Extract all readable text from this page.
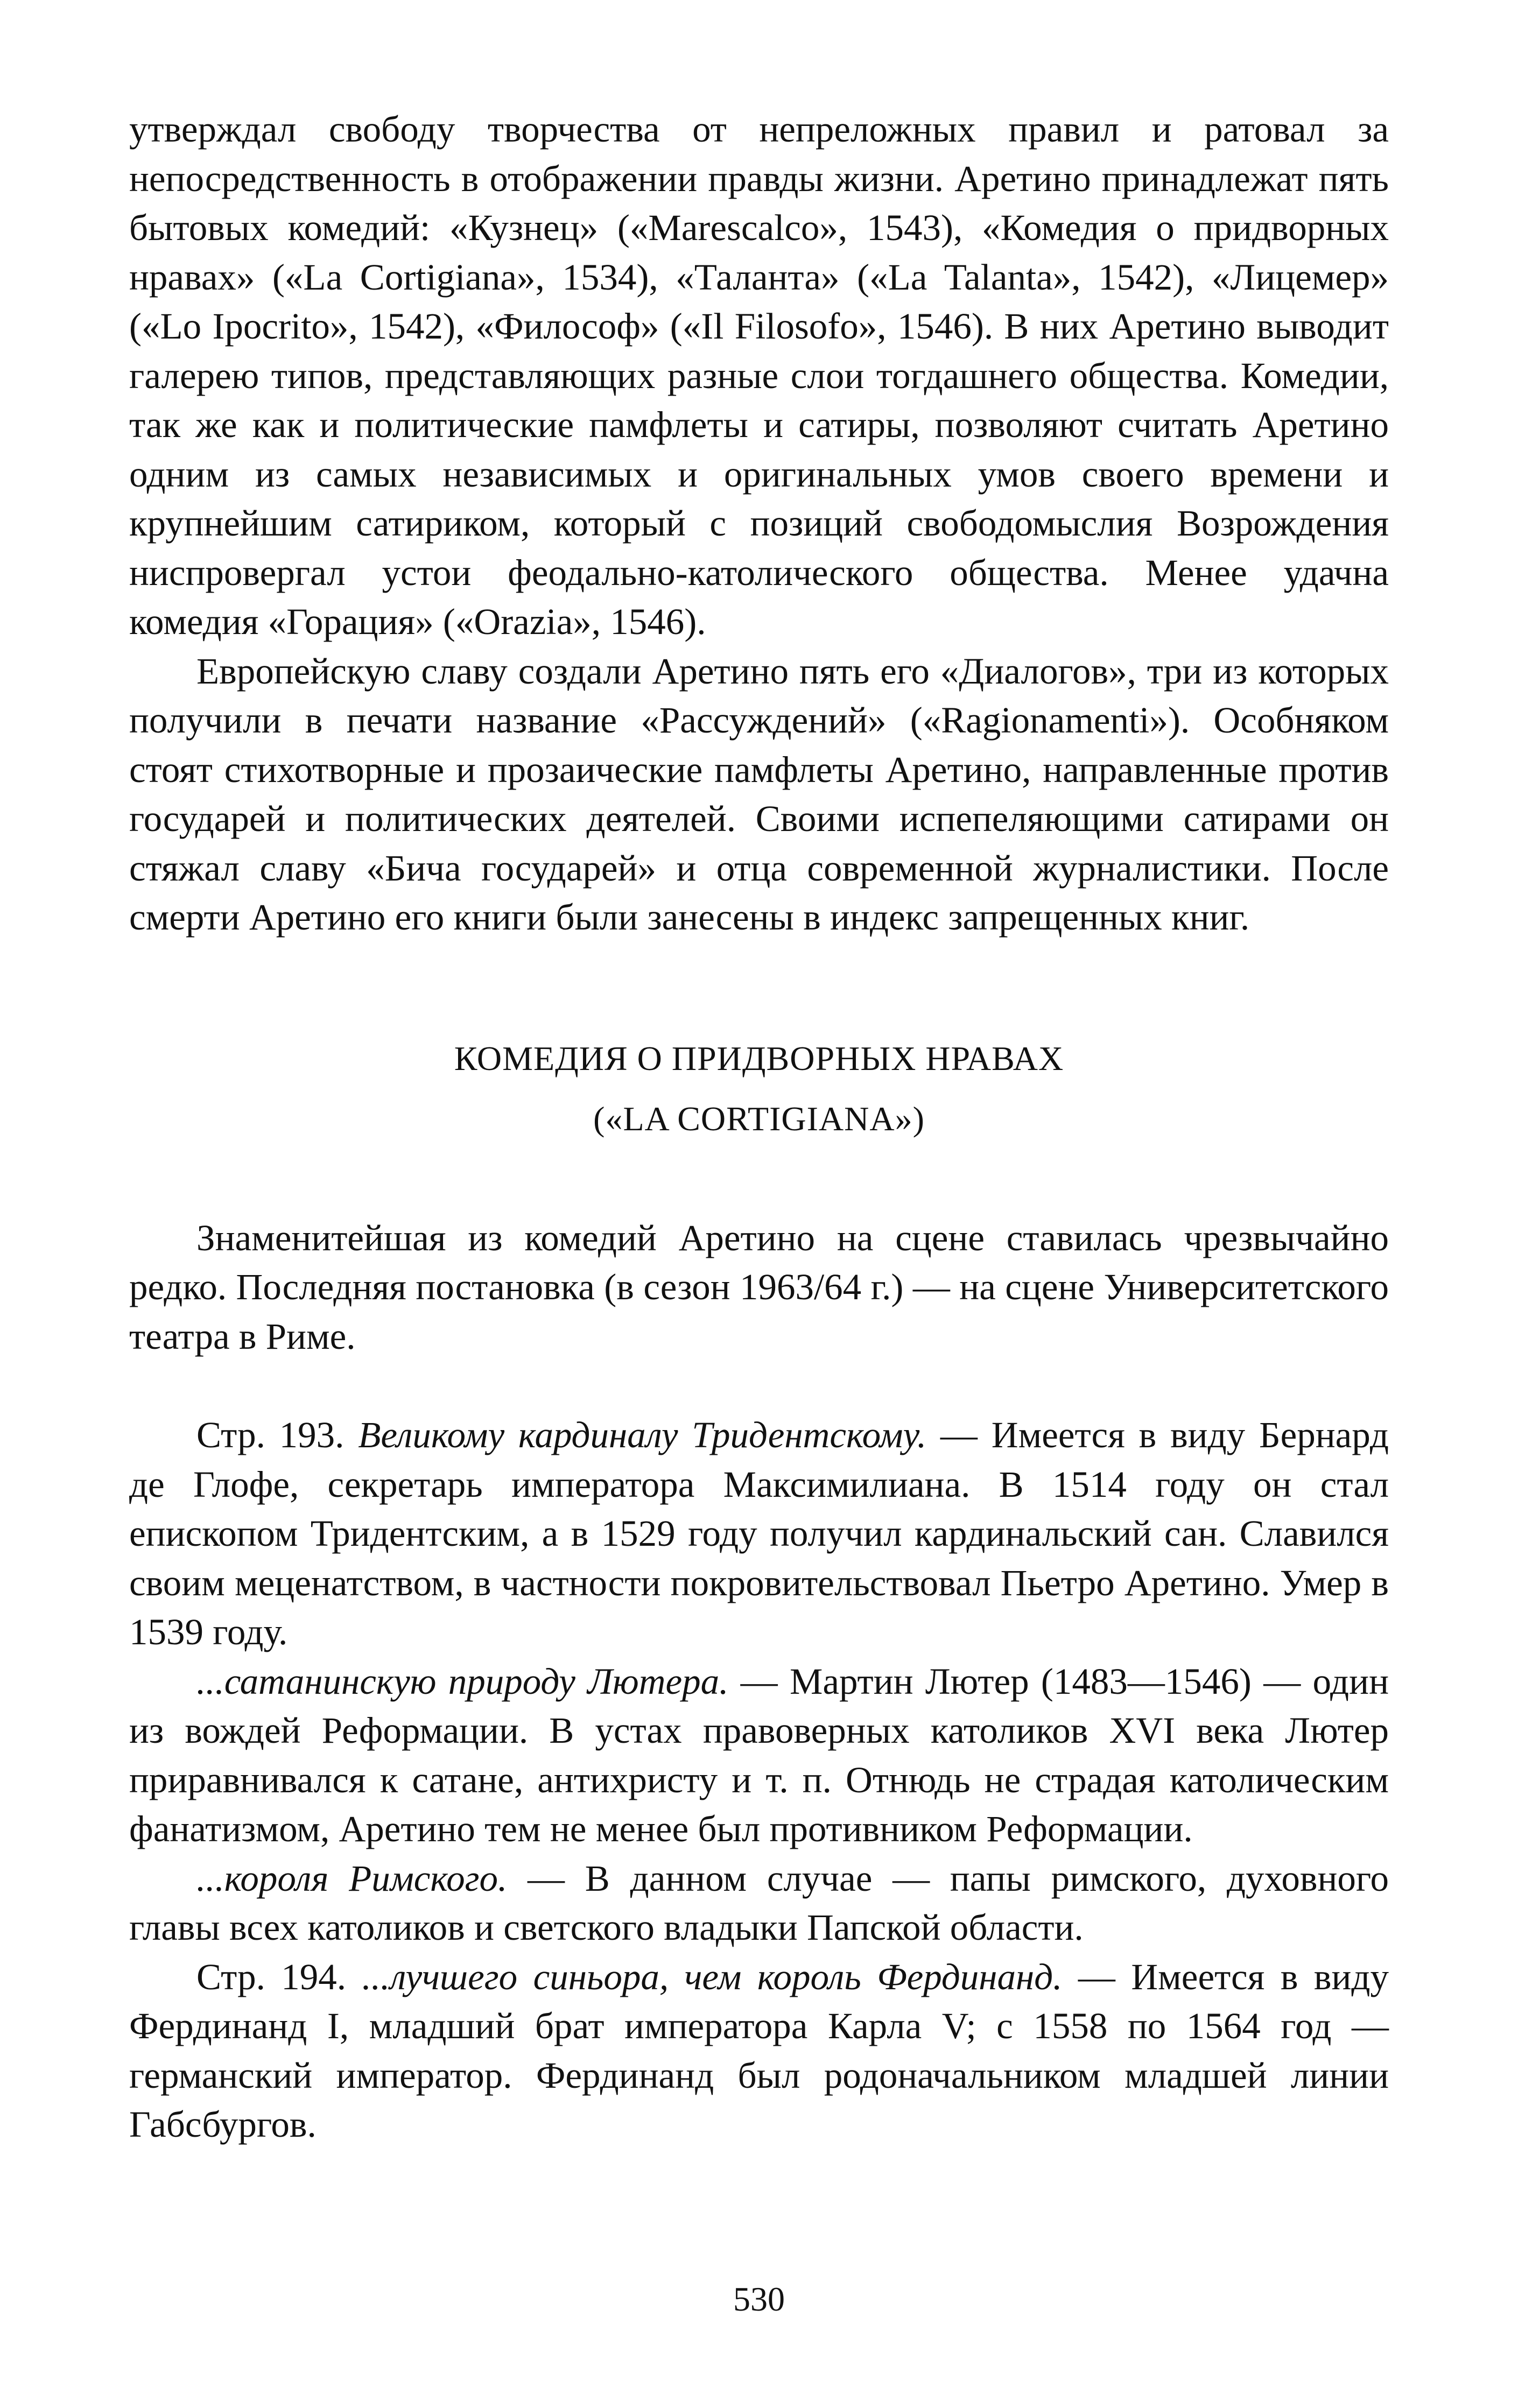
утверждал свободу творчества от непреложных правил и ратовал за непосредственность в отображении правды жизни. Аретино принадлежат пять бытовых комедий: «Кузнец» («Marescalco», 1543), «Комедия о придворных нравах» («La Cortigiana», 1534), «Таланта» («La Talanta», 1542), «Лицемер» («Lo Ipocrito», 1542), «Философ» («Il Filosofo», 1546). В них Аретино выводит галерею типов, представляющих разные слои тогдашнего общества. Комедии, так же как и политические памфлеты и сатиры, позволяют считать Аретино одним из самых независимых и оригинальных умов своего времени и крупнейшим сатириком, который с позиций свободомыслия Возрождения ниспровергал устои феодально-католического общества. Менее удачна комедия «Горация» («Orazia», 1546).

Европейскую славу создали Аретино пять его «Диалогов», три из которых получили в печати название «Рассуждений» («Ragionamenti»). Особняком стоят стихотворные и прозаические памфлеты Аретино, направленные против государей и политических деятелей. Своими испепеляющими сатирами он стяжал славу «Бича государей» и отца современной журналистики. После смерти Аретино его книги были занесены в индекс запрещенных книг.

КОМЕДИЯ О ПРИДВОРНЫХ НРАВАХ

(«LA CORTIGIANA»)

Знаменитейшая из комедий Аретино на сцене ставилась чрезвычайно редко. Последняя постановка (в сезон 1963/64 г.) — на сцене Университетского театра в Риме.

Стр. 193. Великому кардиналу Тридентскому. — Имеется в виду Бернард де Глофе, секретарь императора Максимилиана. В 1514 году он стал епископом Тридентским, а в 1529 году получил кардинальский сан. Славился своим меценатством, в частности покровительствовал Пьетро Аретино. Умер в 1539 году.

...сатанинскую природу Лютера. — Мартин Лютер (1483—1546) — один из вождей Реформации. В устах правоверных католиков XVI века Лютер приравнивался к сатане, антихристу и т. п. Отнюдь не страдая католическим фанатизмом, Аретино тем не менее был противником Реформации.

...короля Римского. — В данном случае — папы римского, духовного главы всех католиков и светского владыки Папской области.

Стр. 194. ...лучшего синьора, чем король Фердинанд. — Имеется в виду Фердинанд I, младший брат императора Карла V; с 1558 по 1564 год — германский император. Фердинанд был родоначальником младшей линии Габсбургов.

530
